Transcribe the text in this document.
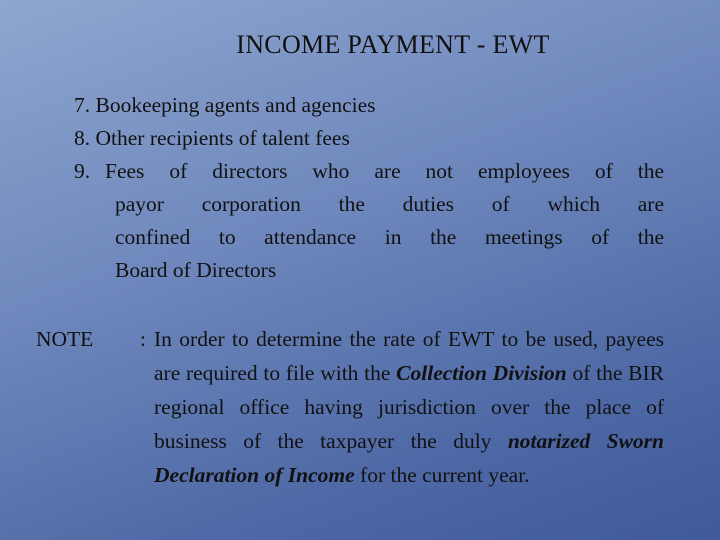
INCOME PAYMENT - EWT
7. Bookeeping agents and agencies
8. Other recipients of talent fees
9. Fees of directors who are not employees of the
payor corporation the duties of which are
confined to attendance in the meetings of the
Board of Directors
NOTE : In order to determine the rate of EWT to be used, payees are required to file with the Collection Division of the BIR regional office having jurisdiction over the place of business of the taxpayer the duly notarized Sworn Declaration of Income for the current year.
